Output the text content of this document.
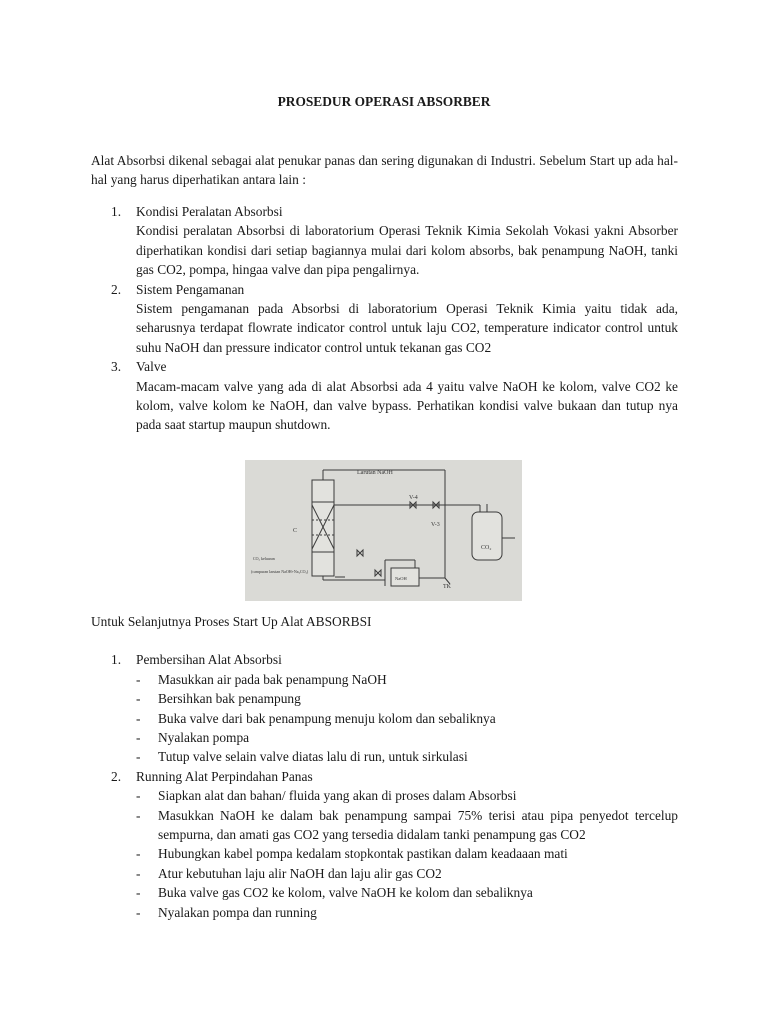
PROSEDUR OPERASI ABSORBER
Alat Absorbsi dikenal sebagai alat penukar panas dan sering digunakan di Industri. Sebelum Start up ada hal-hal yang harus diperhatikan antara lain :
1. Kondisi Peralatan Absorbsi
Kondisi peralatan Absorbsi di laboratorium Operasi Teknik Kimia Sekolah Vokasi yakni Absorber diperhatikan kondisi dari setiap bagiannya mulai dari kolom absorbs, bak penampung NaOH, tanki gas CO2, pompa, hingaa valve dan pipa pengalirnya.
2. Sistem Pengamanan
Sistem pengamanan pada Absorbsi di laboratorium Operasi Teknik Kimia yaitu tidak ada, seharusnya terdapat flowrate indicator control untuk laju CO2, temperature indicator control untuk suhu NaOH dan pressure indicator control untuk tekanan gas CO2
3. Valve
Macam-macam valve yang ada di alat Absorbsi ada 4 yaitu valve NaOH ke kolom, valve CO2 ke kolom, valve kolom ke NaOH, dan valve bypass. Perhatikan kondisi valve bukaan dan tutup nya pada saat startup maupun shutdown.
Larutan NaOH
C
V-4
V-3
CO₂
NaOH
TK
CO₂ keluaran
(campuran larutan NaOH+Na₂CO₃)
Untuk Selanjutnya Proses Start Up Alat ABSORBSI
1. Pembersihan Alat Absorbsi
- Masukkan air pada bak penampung NaOH
- Bersihkan bak penampung
- Buka valve dari bak penampung menuju kolom dan sebaliknya
- Nyalakan pompa
- Tutup valve selain valve diatas lalu di run, untuk sirkulasi
2. Running Alat Perpindahan Panas
- Siapkan alat dan bahan/ fluida yang akan di proses dalam Absorbsi
- Masukkan NaOH ke dalam bak penampung sampai 75% terisi atau pipa penyedot tercelup sempurna, dan amati gas CO2 yang tersedia didalam tanki penampung gas CO2
- Hubungkan kabel pompa kedalam stopkontak pastikan dalam keadaaan mati
- Atur kebutuhan laju alir NaOH dan laju alir gas CO2
- Buka valve gas CO2 ke kolom, valve NaOH ke kolom dan sebaliknya
- Nyalakan pompa dan running
